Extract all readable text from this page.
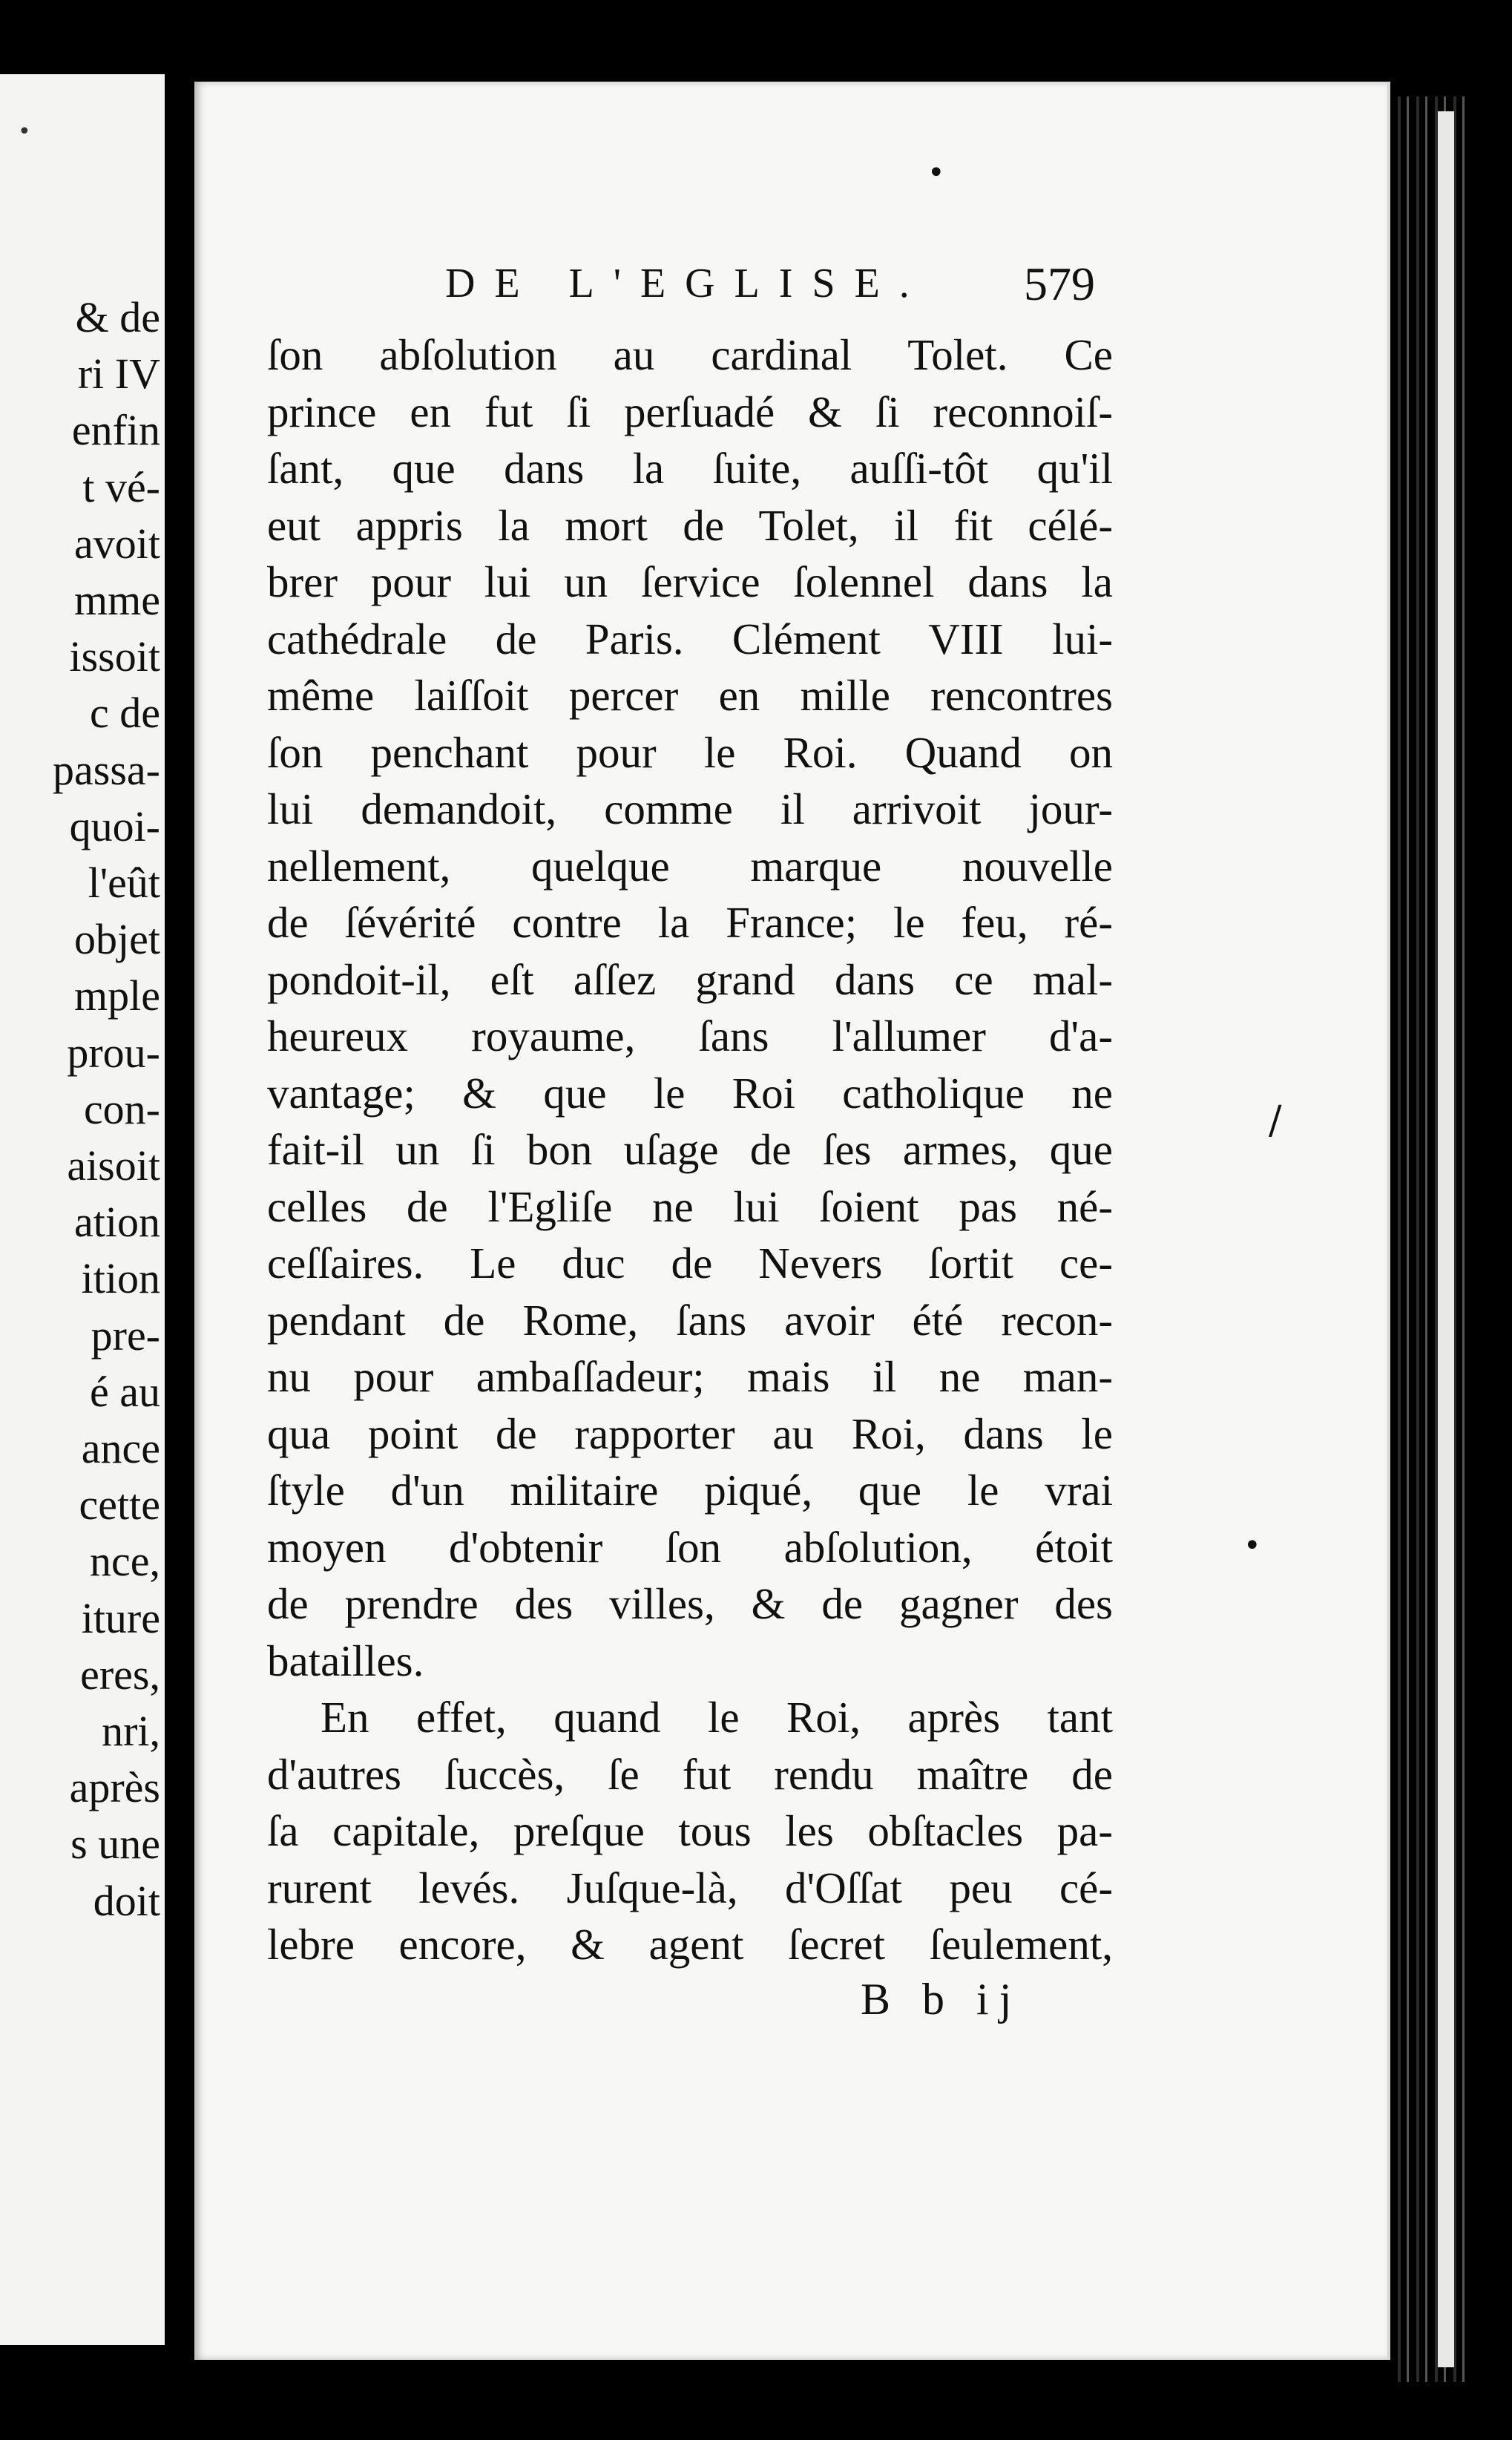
•

& de

ri IV

enfin

t vé-

avoit

mme

issoit

c de

passa-

quoi-

l'eût

objet

mple

prou-

con-

aisoit

ation

ition

pre-

é au

ance

cette

nce,

iture

eres,

nri,

après

s une

doit

DE L'EGLISE.	579
ſon abſolution au cardinal Tolet. Ce
prince en fut ſi perſuadé & ſi reconnoiſ-
ſant, que dans la ſuite, auſſi-tôt qu'il
eut appris la mort de Tolet, il fit célé-
brer pour lui un ſervice ſolennel dans la
cathédrale de Paris. Clément VIII lui-
même laiſſoit percer en mille rencontres
ſon penchant pour le Roi. Quand on
lui demandoit, comme il arrivoit jour-
nellement, quelque marque nouvelle
de ſévérité contre la France; le feu, ré-
pondoit-il, eſt aſſez grand dans ce mal-
heureux royaume, ſans l'allumer d'a-
vantage; & que le Roi catholique ne
fait-il un ſi bon uſage de ſes armes, que
celles de l'Egliſe ne lui ſoient pas né-
ceſſaires. Le duc de Nevers ſortit ce-
pendant de Rome, ſans avoir été recon-
nu pour ambaſſadeur; mais il ne man-
qua point de rapporter au Roi, dans le
ſtyle d'un militaire piqué, que le vrai
moyen d'obtenir ſon abſolution, étoit
de prendre des villes, & de gagner des
batailles.
En effet, quand le Roi, après tant
d'autres ſuccès, ſe fut rendu maître de
ſa capitale, preſque tous les obſtacles pa-
rurent levés. Juſque-là, d'Oſſat peu cé-
lebre encore, & agent ſecret ſeulement,
B b ij
•
/
•
